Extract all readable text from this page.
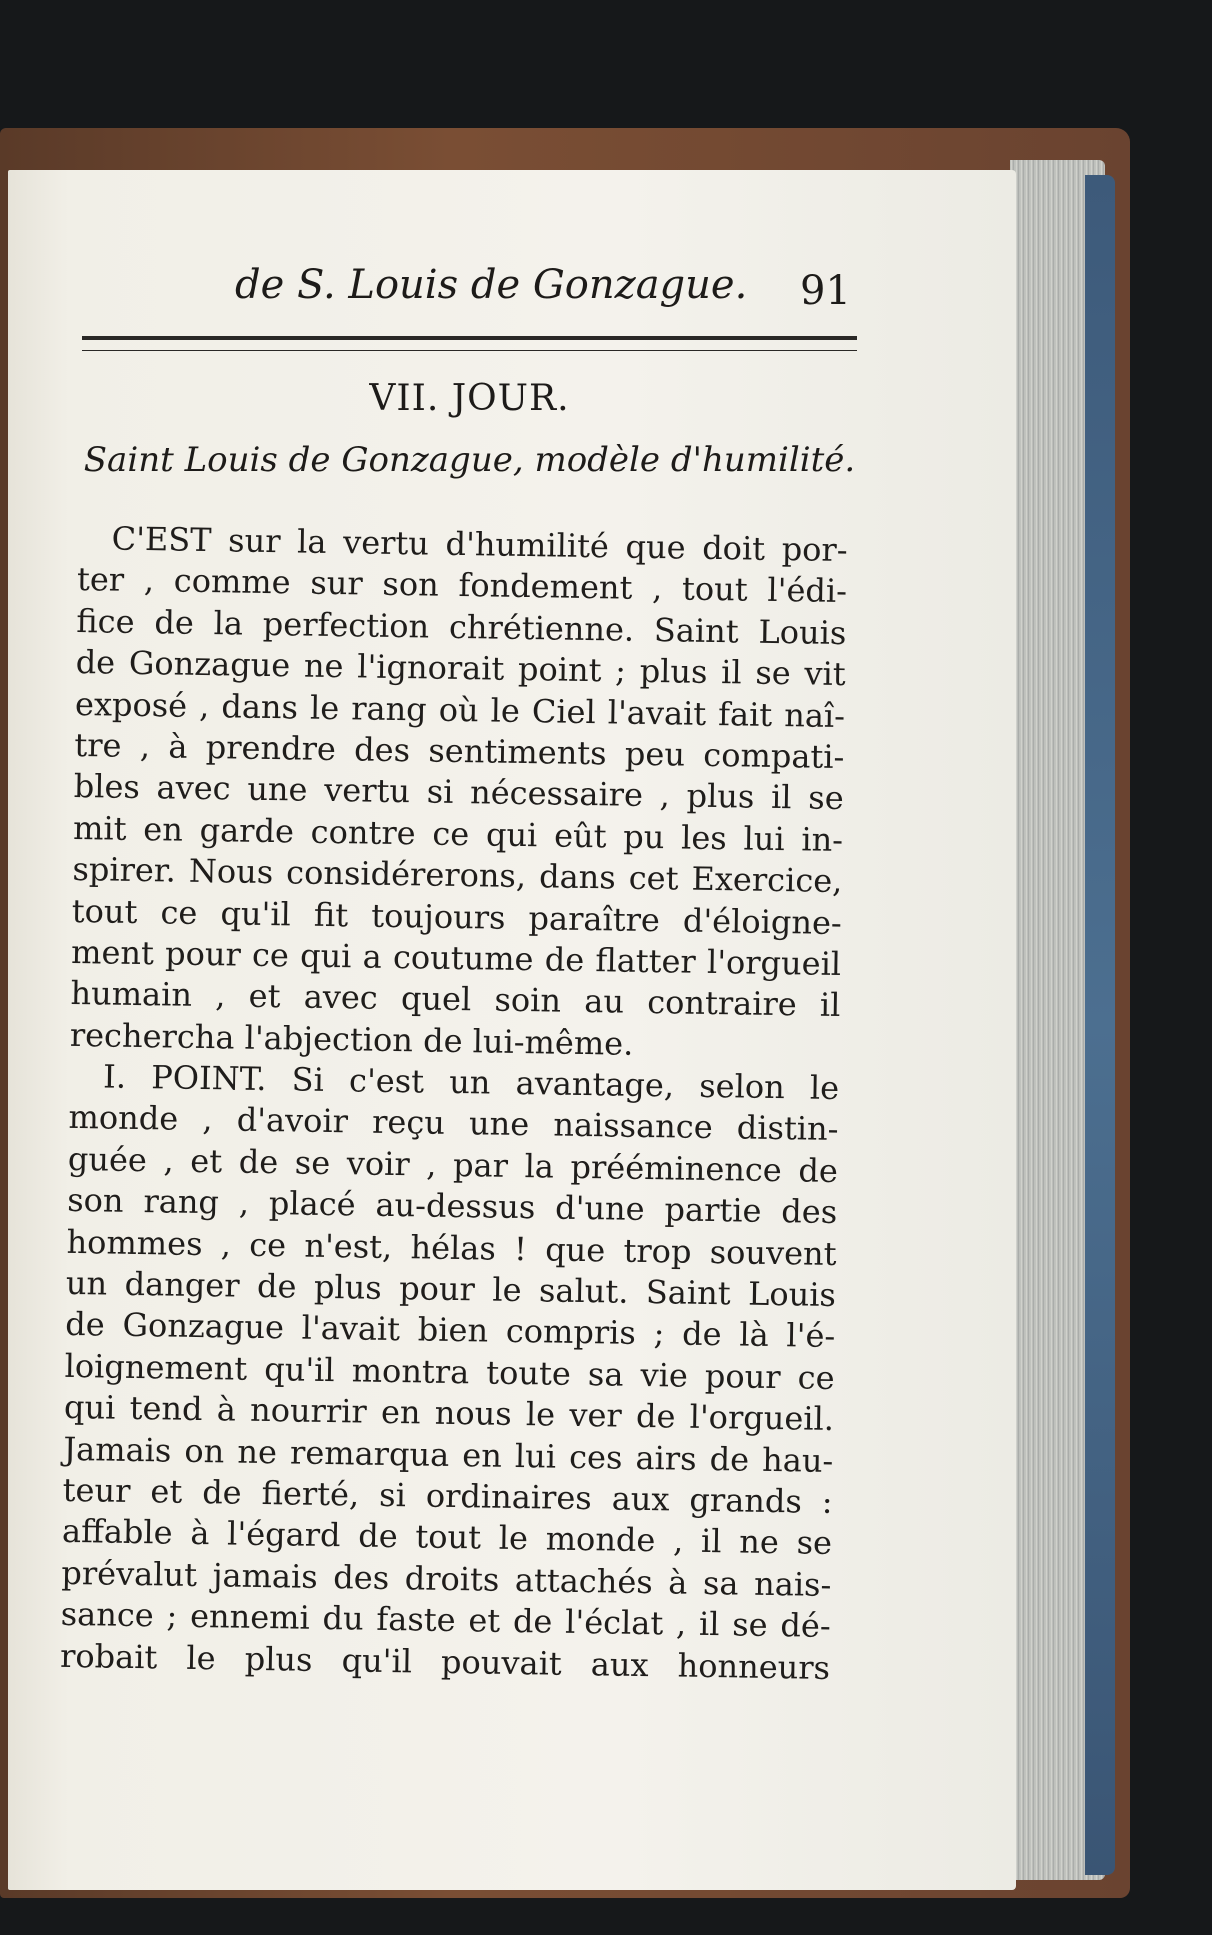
de S. Louis de Gonzague. 91
VII. JOUR.
Saint Louis de Gonzague, modèle d'humilité.
C'EST sur la vertu d'humilité que doit por-
ter , comme sur son fondement , tout l'édi-
fice de la perfection chrétienne. Saint Louis
de Gonzague ne l'ignorait point ; plus il se vit
exposé , dans le rang où le Ciel l'avait fait naî-
tre , à prendre des sentiments peu compati-
bles avec une vertu si nécessaire , plus il se
mit en garde contre ce qui eût pu les lui in-
spirer. Nous considérerons, dans cet Exercice,
tout ce qu'il fit toujours paraître d'éloigne-
ment pour ce qui a coutume de flatter l'orgueil
humain , et avec quel soin au contraire il
rechercha l'abjection de lui-même.
I. POINT. Si c'est un avantage, selon le
monde , d'avoir reçu une naissance distin-
guée , et de se voir , par la prééminence de
son rang , placé au-dessus d'une partie des
hommes , ce n'est, hélas ! que trop souvent
un danger de plus pour le salut. Saint Louis
de Gonzague l'avait bien compris ; de là l'é-
loignement qu'il montra toute sa vie pour ce
qui tend à nourrir en nous le ver de l'orgueil.
Jamais on ne remarqua en lui ces airs de hau-
teur et de fierté, si ordinaires aux grands :
affable à l'égard de tout le monde , il ne se
prévalut jamais des droits attachés à sa nais-
sance ; ennemi du faste et de l'éclat , il se dé-
robait le plus qu'il pouvait aux honneurs
